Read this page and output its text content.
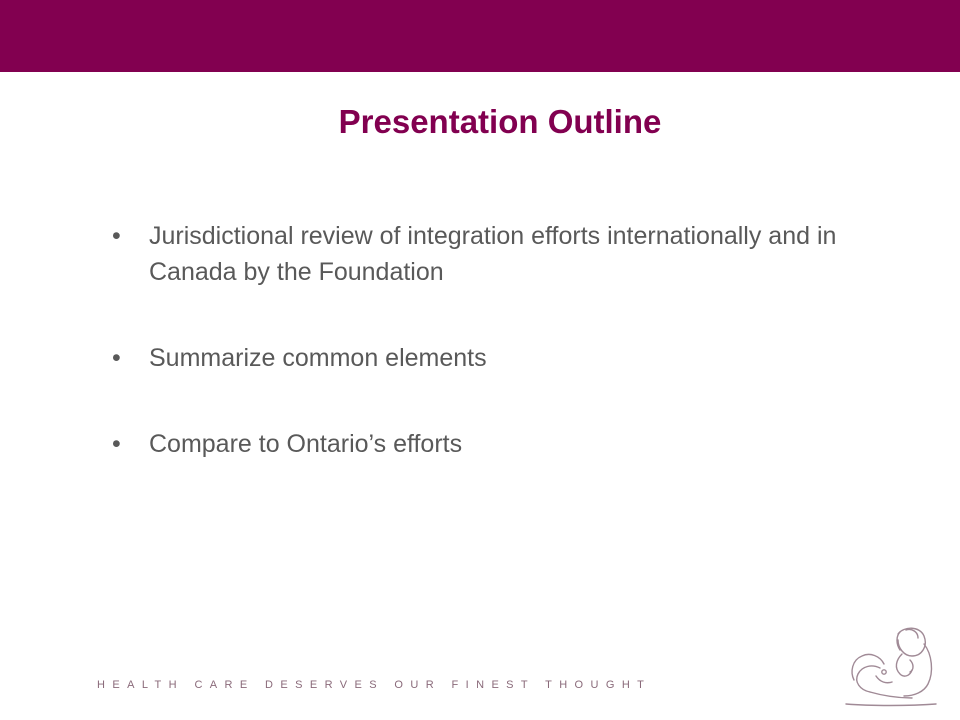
Presentation Outline
• Jurisdictional review of integration efforts internationally and in Canada by the Foundation
• Summarize common elements
• Compare to Ontario’s efforts
HEALTH CARE DESERVES OUR FINEST THOUGHT
